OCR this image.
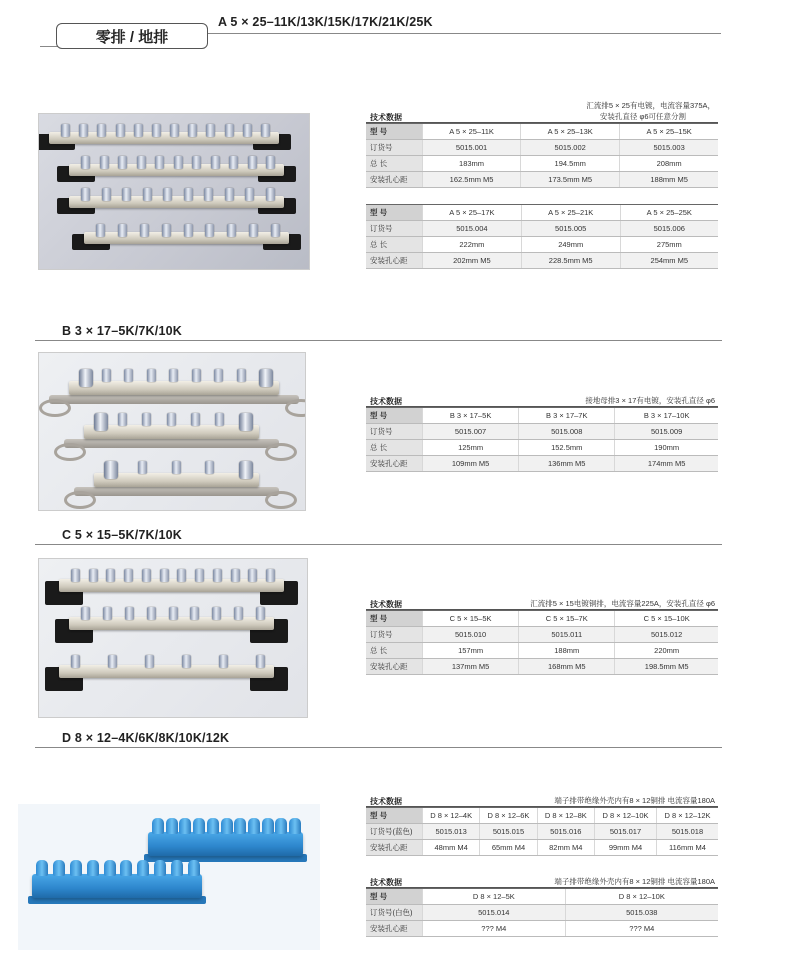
零排 / 地排
A 5 × 25–11K/13K/15K/17K/21K/25K
汇流排5 × 25有电镀，电流容量375A，
安装孔直径 φ6可任意分割
技术数据
型 号	A 5 × 25–11K	A 5 × 25–13K	A 5 × 25–15K
订货号	5015.001	5015.002	5015.003
总 长	183mm	194.5mm	208mm
安装孔心距	162.5mm M5	173.5mm M5	188mm M5
型 号	A 5 × 25–17K	A 5 × 25–21K	A 5 × 25–25K
订货号	5015.004	5015.005	5015.006
总 长	222mm	249mm	275mm
安装孔心距	202mm M5	228.5mm M5	254mm M5
B 3 × 17–5K/7K/10K
接地母排3 × 17有电镀，安装孔直径 φ6
技术数据
型 号	B 3 × 17–5K	B 3 × 17–7K	B 3 × 17–10K
订货号	5015.007	5015.008	5015.009
总 长	125mm	152.5mm	190mm
安装孔心距	109mm M5	136mm M5	174mm M5
C 5 × 15–5K/7K/10K
汇流排5 × 15电镀铜排，电流容量225A，安装孔直径 φ6
技术数据
型 号	C 5 × 15–5K	C 5 × 15–7K	C 5 × 15–10K
订货号	5015.010	5015.011	5015.012
总 长	157mm	188mm	220mm
安装孔心距	137mm M5	168mm M5	198.5mm M5
D 8 × 12–4K/6K/8K/10K/12K
端子排带绝缘外壳内有8 × 12铜排 电流容量180A
技术数据
型 号	D 8 × 12–4K	D 8 × 12–6K	D 8 × 12–8K	D 8 × 12–10K	D 8 × 12–12K
订货号(蓝色)	5015.013	5015.015	5015.016	5015.017	5015.018
安装孔心距	48mm M4	65mm M4	82mm M4	99mm M4	116mm M4
端子排带绝缘外壳内有8 × 12铜排 电流容量180A
技术数据
型 号	D 8 × 12–5K	D 8 × 12–10K
订货号(白色)	5015.014	5015.038
安装孔心距	??? M4	??? M4
